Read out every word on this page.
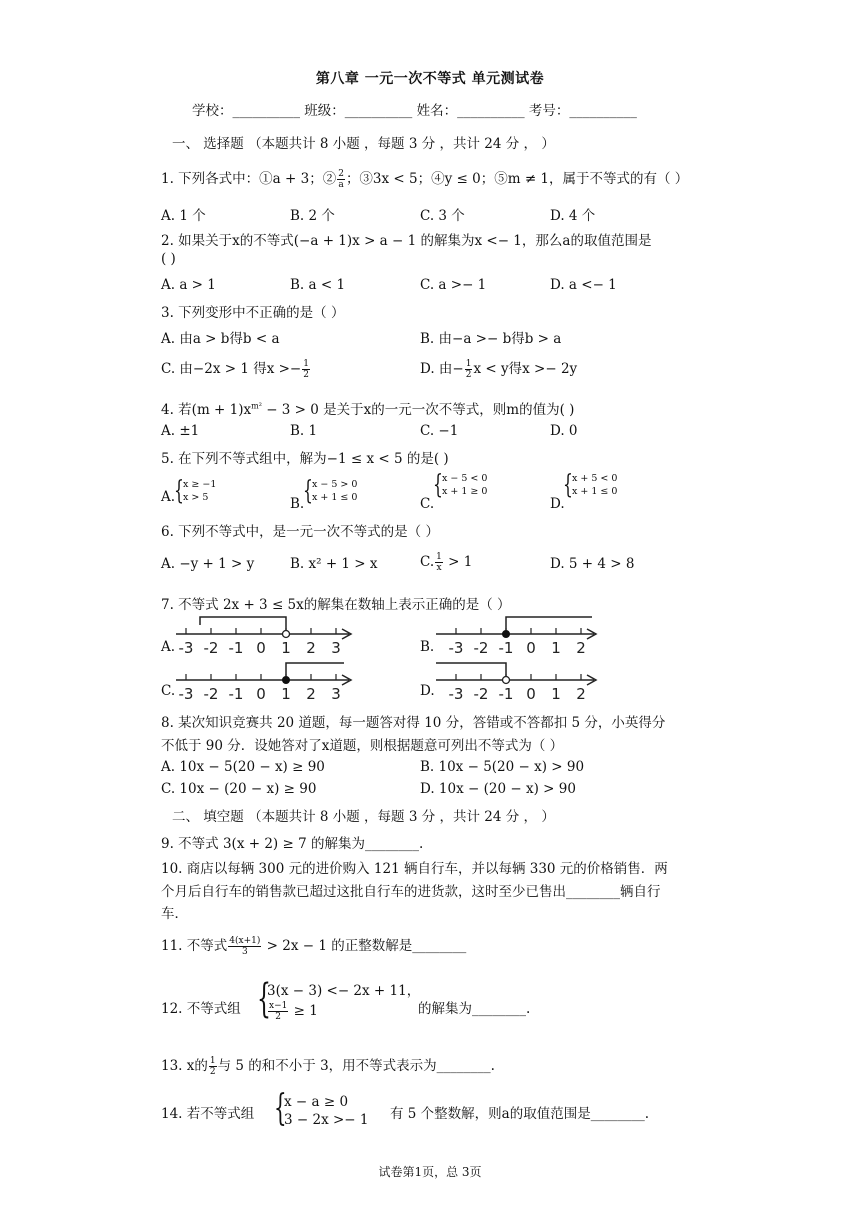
第八章 一元一次不等式 单元测试卷
学校：__________ 班级：__________ 姓名：__________ 考号：__________
一、 选择题 （本题共计 8 小题 ，每题 3 分 ，共计 24 分 ， ）
1. 下列各式中：①a + 3；② $\frac{2}{a}$ ；③3x < 5；④y ≤ 0；⑤m ≠ 1，属于不等式的有（ ）
A. 1 个	B. 2 个	C. 3 个	D. 4 个
2. 如果关于x的不等式(−a + 1)x > a − 1 的解集为x <− 1，那么a的取值范围是
( )
A. a > 1	B. a < 1	C. a >− 1	D. a <− 1
3. 下列变形中不正确的是（ ）
A. 由a > b得b < a	B. 由−a >− b得b > a
C. 由−2x > 1 得$x >- \frac{1}{2}$	D. 由− $\frac{1}{2}$ x < y得x >− 2y
4. 若$(m + 1)x^{m^2} - 3 > 0$ 是关于x的一元一次不等式，则m的值为( )
A. ±1	B. 1	C. −1	D. 0
5. 在下列不等式组中，解为−1 ≤ x < 5 的是( )
A.
{ x ≥ −1
x > 5	B.
{ x − 5 > 0
x + 1 ≤ 0	C.
{ x − 5 < 0
x + 1 ≥ 0
D.
{ x + 5 < 0
x + 1 ≤ 0
6. 下列不等式中，是一元一次不等式的是（ ）
A. −y + 1 > y	B. x² + 1 > x	C. $\frac{1}{x} > 1$	D. 5 + 4 > 8
7. 不等式 2x + 3 ≤ 5x的解集在数轴上表示正确的是（ ）
A. -3 -2 -1 0 1 2 3	B. -3 -2 -1 0 1 2
C. -3 -2 -1 0 1 2 3	D. -3 -2 -1 0 1 2
8. 某次知识竞赛共 20 道题，每一题答对得 10 分，答错或不答都扣 5 分，小英得分
不低于 90 分．设她答对了x道题，则根据题意可列出不等式为（ ）
A. 10x − 5(20 − x) ≥ 90	B. 10x − 5(20 − x) > 90
C. 10x − (20 − x) ≥ 90	D. 10x − (20 − x) > 90
二、 填空题 （本题共计 8 小题 ，每题 3 分 ，共计 24 分 ， ）
9. 不等式 3(x + 2) ≥ 7 的解集为________.
10. 商店以每辆 300 元的进价购入 121 辆自行车，并以每辆 330 元的价格销售．两
个月后自行车的销售款已超过这批自行车的进货款，这时至少已售出________辆自行
车．
11. 不等式 $\frac{4(x+1)}{3} > 2x - 1$ 的正整数解是________
12. 不等式组 {
3(x − 3) <− 2x + 11，
$\frac{x-1}{2} \ge 1$	的解集为________.
13. x的 $\frac{1}{2}$ 与 5 的和不小于 3，用不等式表示为________.
14. 若不等式组 {
x − a ≥ 0
3 − 2x >− 1 有 5 个整数解，则a的取值范围是________.
试卷第1页，总 3页
